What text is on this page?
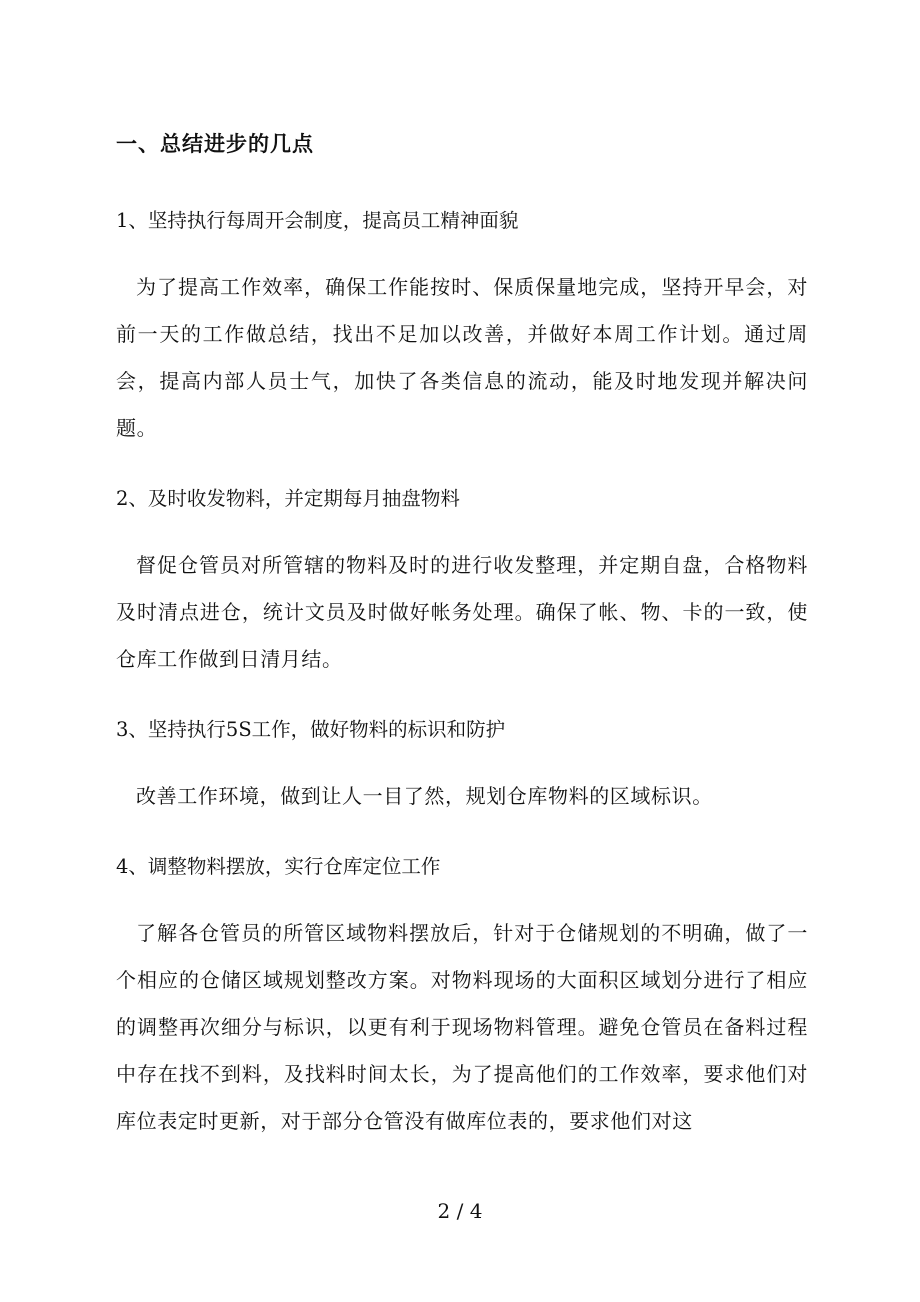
一、总结进步的几点
1、坚持执行每周开会制度，提高员工精神面貌

为了提高工作效率，确保工作能按时、保质保量地完成，坚持开早会，对前一天的工作做总结，找出不足加以改善，并做好本周工作计划。通过周会，提高内部人员士气，加快了各类信息的流动，能及时地发现并解决问题。

2、及时收发物料，并定期每月抽盘物料

督促仓管员对所管辖的物料及时的进行收发整理，并定期自盘，合格物料及时清点进仓，统计文员及时做好帐务处理。确保了帐、物、卡的一致，使仓库工作做到日清月结。

3、坚持执行5S工作，做好物料的标识和防护

改善工作环境，做到让人一目了然，规划仓库物料的区域标识。

4、调整物料摆放，实行仓库定位工作

了解各仓管员的所管区域物料摆放后，针对于仓储规划的不明确，做了一个相应的仓储区域规划整改方案。对物料现场的大面积区域划分进行了相应的调整再次细分与标识，以更有利于现场物料管理。避免仓管员在备料过程中存在找不到料，及找料时间太长，为了提高他们的工作效率，要求他们对库位表定时更新，对于部分仓管没有做库位表的，要求他们对这

2 / 4
